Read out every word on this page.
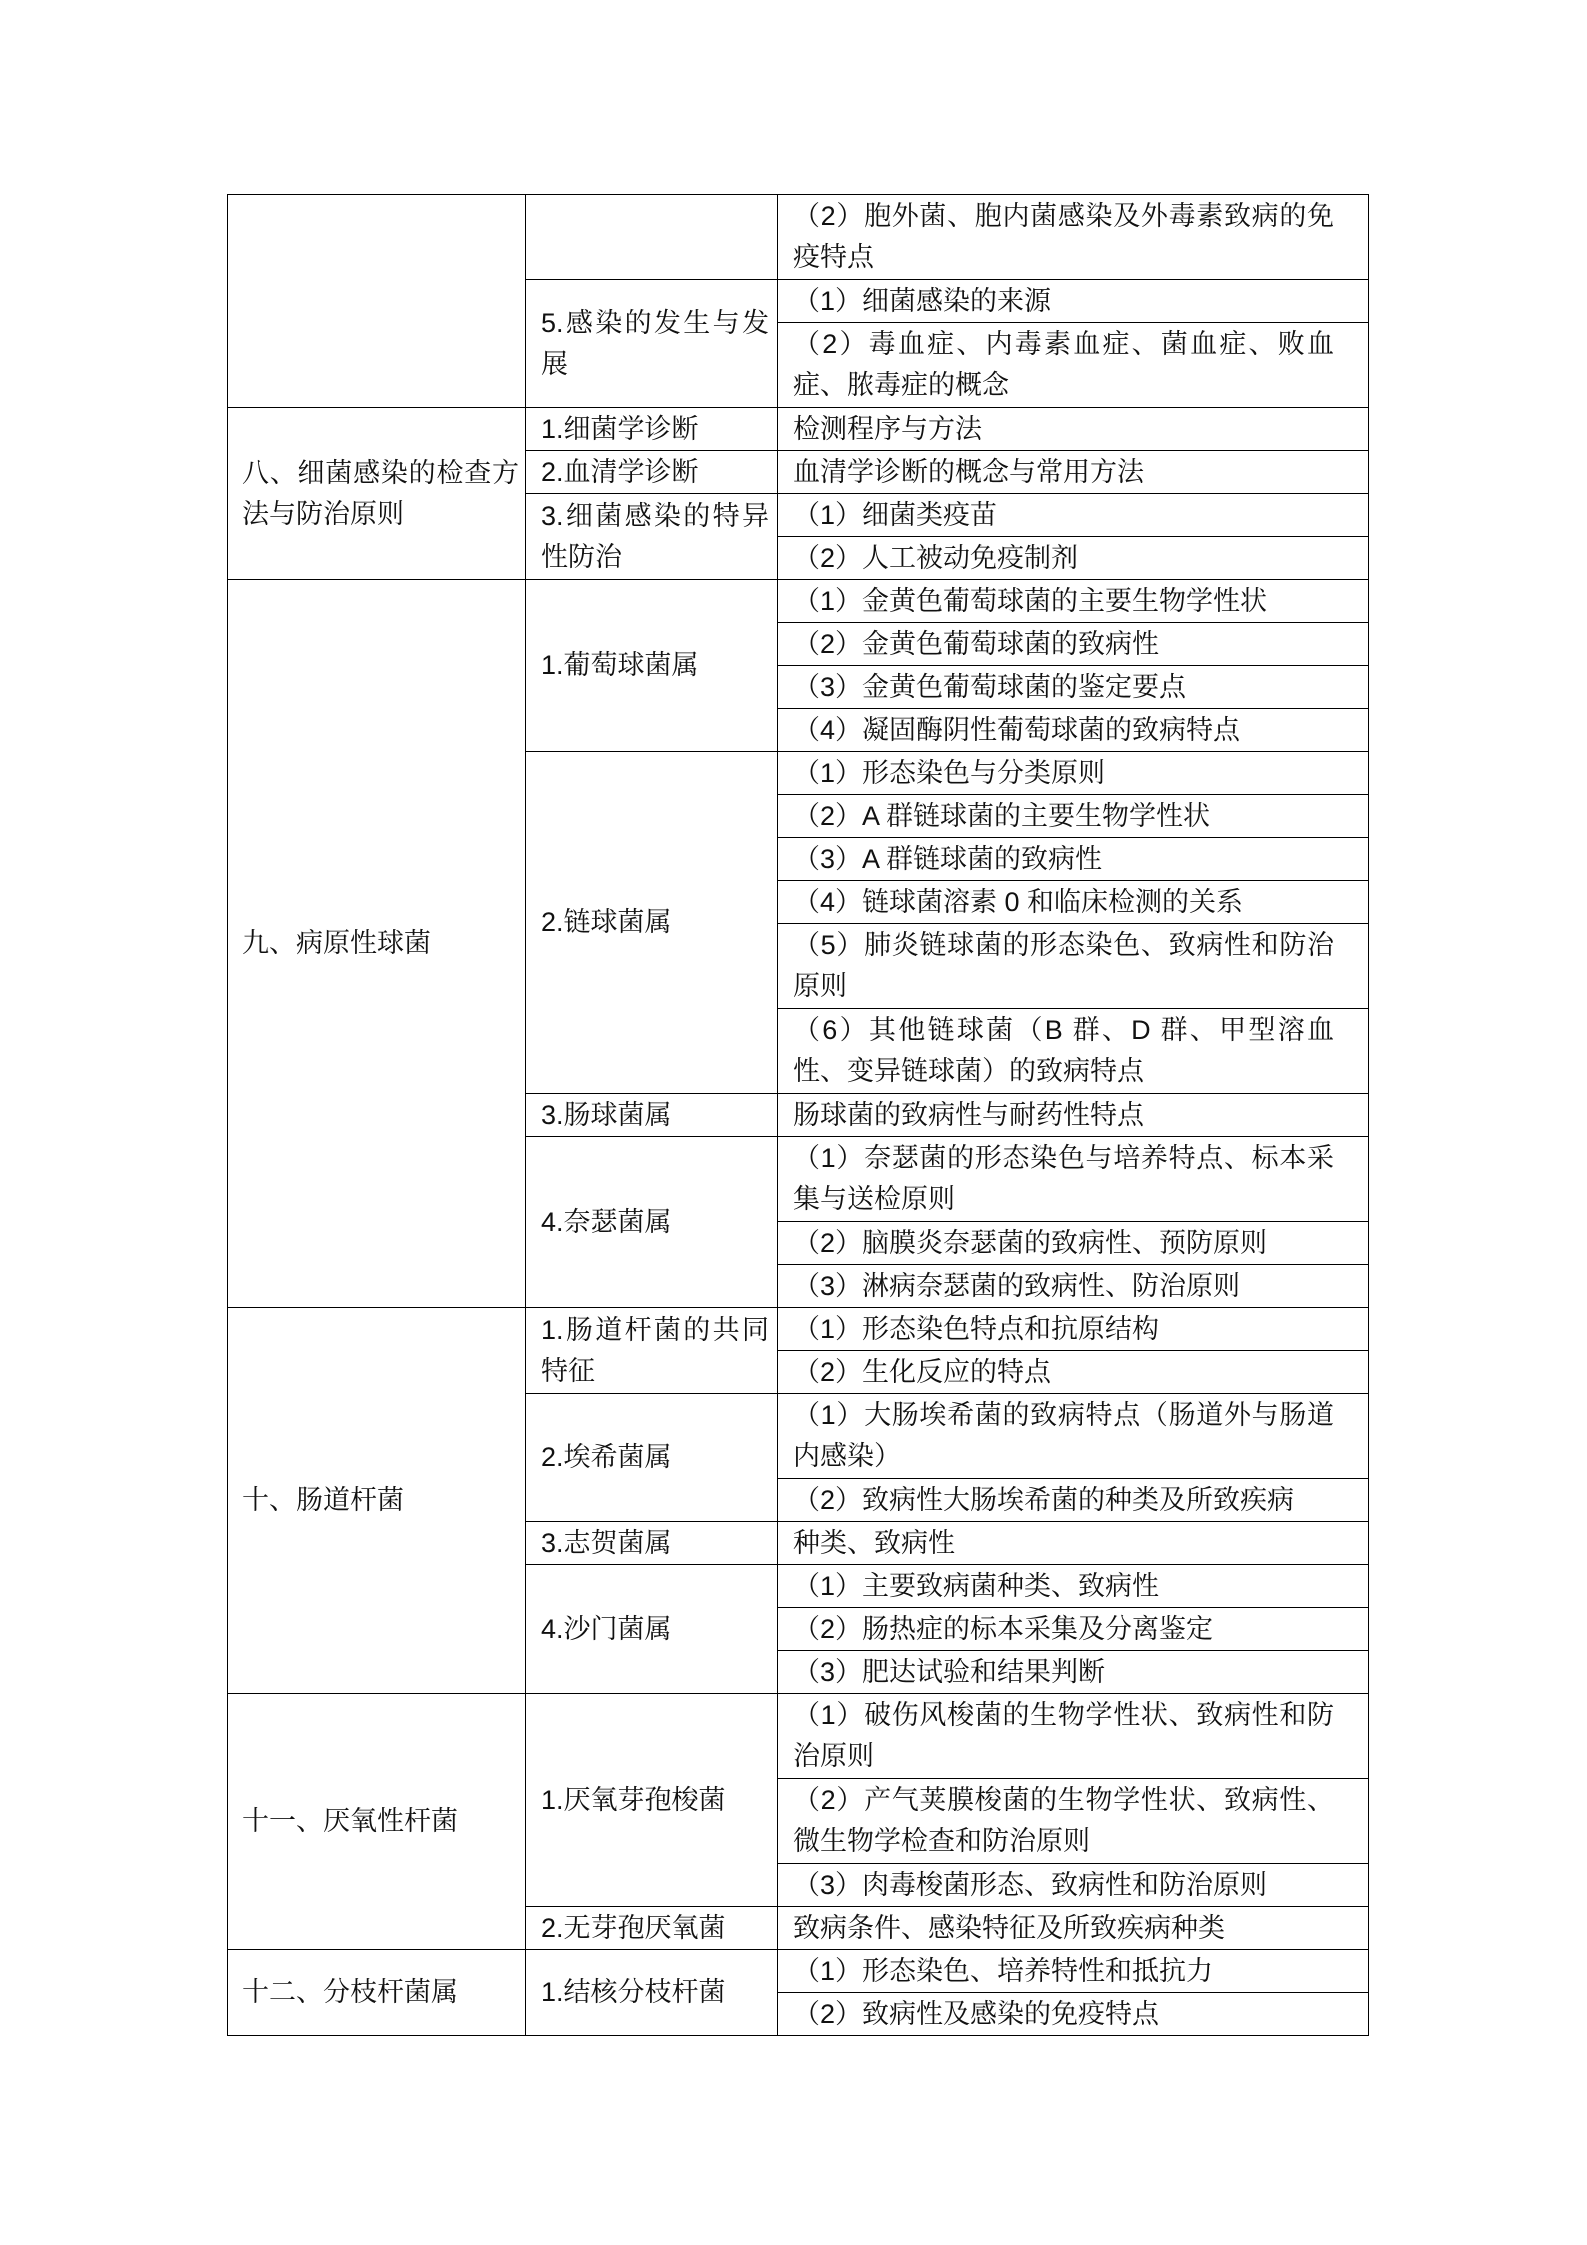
		（2）胞外菌、胞内菌感染及外毒素致病的免疫特点

	5.感染的发生与发展	（1）细菌感染的来源

		（2）毒血症、内毒素血症、菌血症、败血症、脓毒症的概念

八、细菌感染的检查方法与防治原则	1.细菌学诊断	检测程序与方法

	2.血清学诊断	血清学诊断的概念与常用方法

	3.细菌感染的特异性防治	（1）细菌类疫苗

		（2）人工被动免疫制剂

九、病原性球菌	1.葡萄球菌属	（1）金黄色葡萄球菌的主要生物学性状

		（2）金黄色葡萄球菌的致病性

		（3）金黄色葡萄球菌的鉴定要点

		（4）凝固酶阴性葡萄球菌的致病特点

	2.链球菌属	（1）形态染色与分类原则

		（2）A 群链球菌的主要生物学性状

		（3）A 群链球菌的致病性

		（4）链球菌溶素 0 和临床检测的关系

		（5）肺炎链球菌的形态染色、致病性和防治原则

		（6）其他链球菌（B 群、D 群、甲型溶血性、变异链球菌）的致病特点

	3.肠球菌属	肠球菌的致病性与耐药性特点

	4.奈瑟菌属	（1）奈瑟菌的形态染色与培养特点、标本采集与送检原则

		（2）脑膜炎奈瑟菌的致病性、预防原则

		（3）淋病奈瑟菌的致病性、防治原则

十、肠道杆菌	1.肠道杆菌的共同特征	（1）形态染色特点和抗原结构

		（2）生化反应的特点

	2.埃希菌属	（1）大肠埃希菌的致病特点（肠道外与肠道内感染）

		（2）致病性大肠埃希菌的种类及所致疾病

	3.志贺菌属	种类、致病性

	4.沙门菌属	（1）主要致病菌种类、致病性

		（2）肠热症的标本采集及分离鉴定

		（3）肥达试验和结果判断

十一、厌氧性杆菌	1.厌氧芽孢梭菌	（1）破伤风梭菌的生物学性状、致病性和防治原则

		（2）产气荚膜梭菌的生物学性状、致病性、微生物学检查和防治原则

		（3）肉毒梭菌形态、致病性和防治原则

	2.无芽孢厌氧菌	致病条件、感染特征及所致疾病种类

十二、分枝杆菌属	1.结核分枝杆菌	（1）形态染色、培养特性和抵抗力

		（2）致病性及感染的免疫特点
